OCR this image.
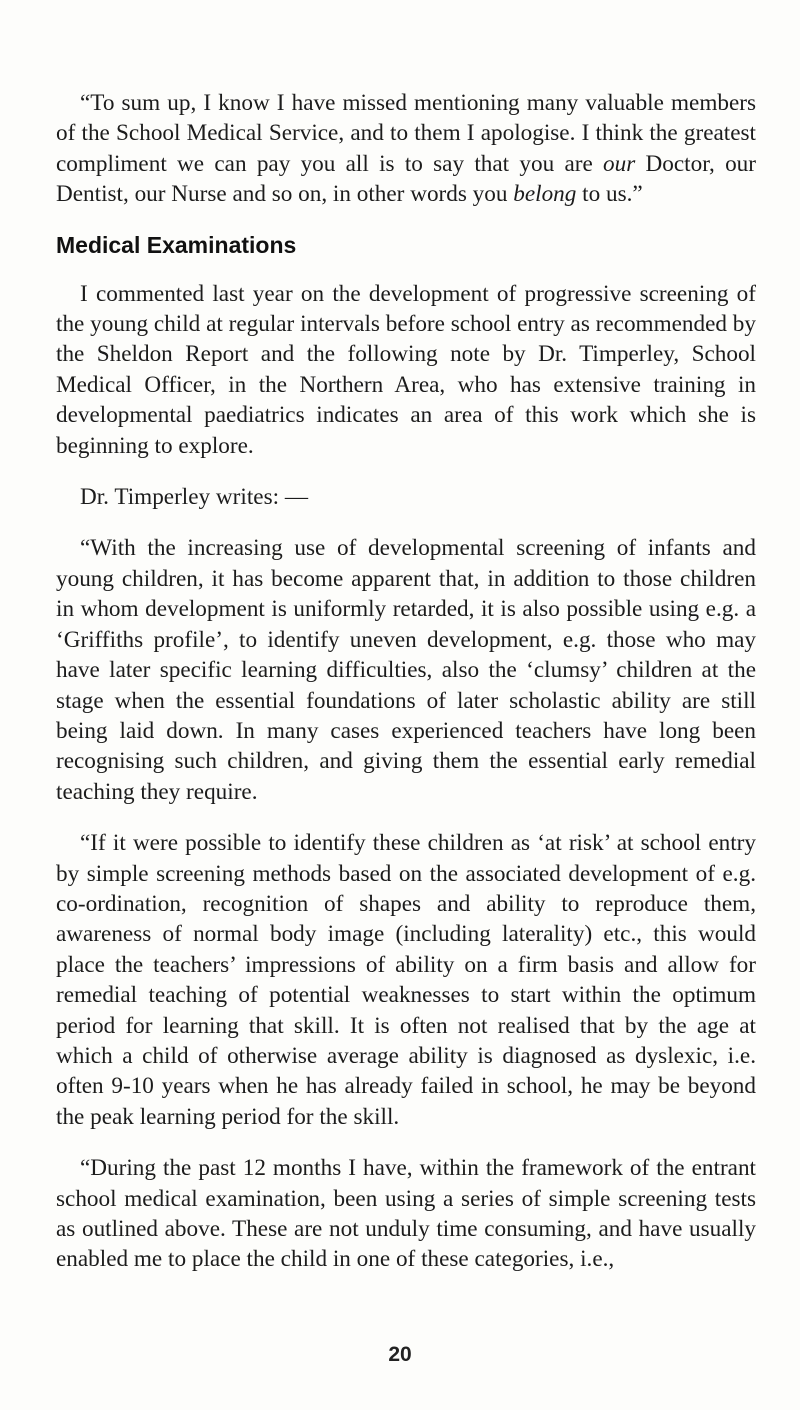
“To sum up, I know I have missed mentioning many valuable members of the School Medical Service, and to them I apologise. I think the greatest compliment we can pay you all is to say that you are our Doctor, our Dentist, our Nurse and so on, in other words you belong to us.”

Medical Examinations

I commented last year on the development of progressive screening of the young child at regular intervals before school entry as recommended by the Sheldon Report and the following note by Dr. Timperley, School Medical Officer, in the Northern Area, who has extensive training in developmental paediatrics indicates an area of this work which she is beginning to explore.

Dr. Timperley writes: —

“With the increasing use of developmental screening of infants and young children, it has become apparent that, in addition to those children in whom development is uniformly retarded, it is also possible using e.g. a ‘Griffiths profile’, to identify uneven development, e.g. those who may have later specific learning difficulties, also the ‘clumsy’ children at the stage when the essential foundations of later scholastic ability are still being laid down. In many cases experienced teachers have long been recognising such children, and giving them the essential early remedial teaching they require.

“If it were possible to identify these children as ‘at risk’ at school entry by simple screening methods based on the associated development of e.g. co-ordination, recognition of shapes and ability to reproduce them, awareness of normal body image (including laterality) etc., this would place the teachers’ impressions of ability on a firm basis and allow for remedial teaching of potential weaknesses to start within the optimum period for learning that skill. It is often not realised that by the age at which a child of otherwise average ability is diagnosed as dyslexic, i.e. often 9-10 years when he has already failed in school, he may be beyond the peak learning period for the skill.

“During the past 12 months I have, within the framework of the entrant school medical examination, been using a series of simple screening tests as outlined above. These are not unduly time consuming, and have usually enabled me to place the child in one of these categories, i.e.,

20
